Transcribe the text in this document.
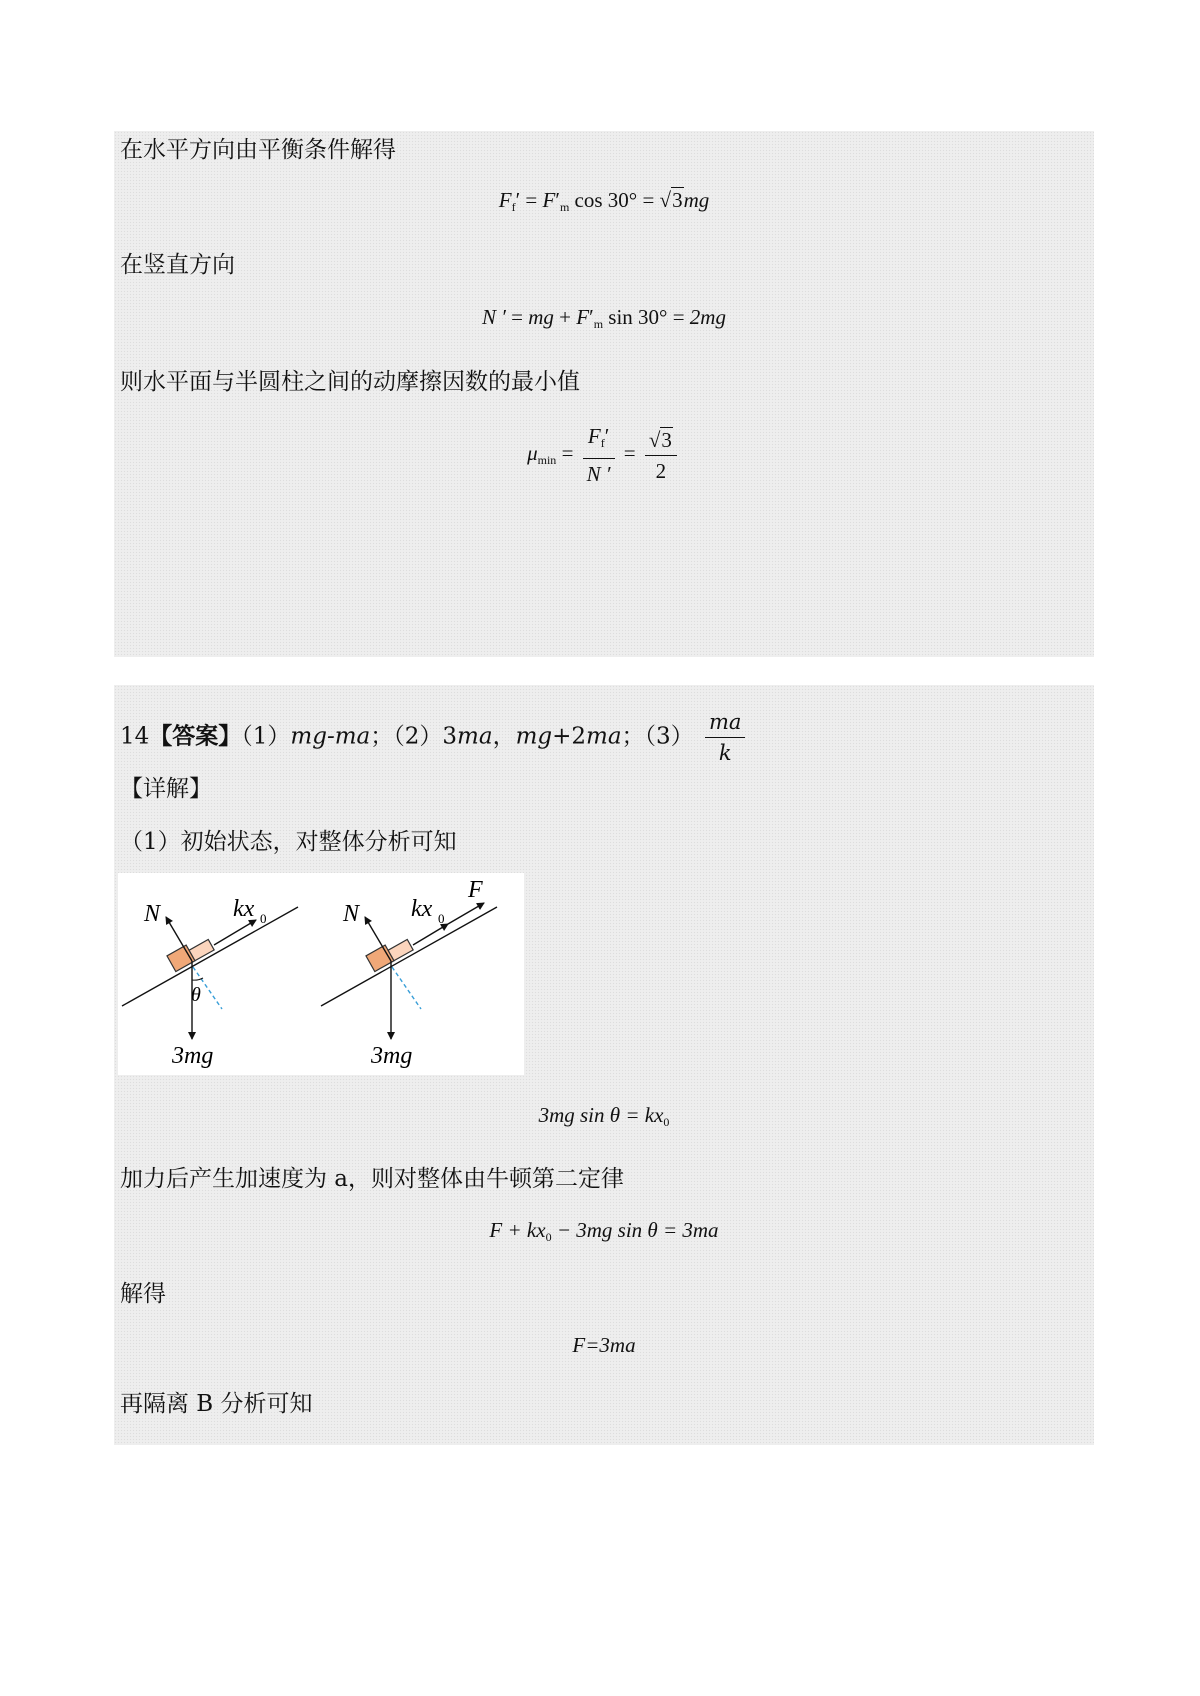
在水平方向由平衡条件解得
$F_f' = F'_m$ cos 30° = √3mg
在竖直方向
N ′ = mg + $F'_m$ sin 30° = 2mg
则水平面与半圆柱之间的动摩擦因数的最小值
$\mu_{min} = \frac{F_f'}{N '} = \frac{√3}{2}$
14【答案】（1）mg-ma；（2）3ma，mg+2ma；$(3) \frac{ma}{k}$
【详解】
（1）初始状态，对整体分析可知
N	kx 0
θ
3mg
N kx 0
F
3mg
3mg $\sin \theta = kx_0$
加力后产生加速度为 a，则对整体由牛顿第二定律
$F + kx_0 - 3mg$ sin θ = 3ma
解得
F=3ma
再隔离 B 分析可知
